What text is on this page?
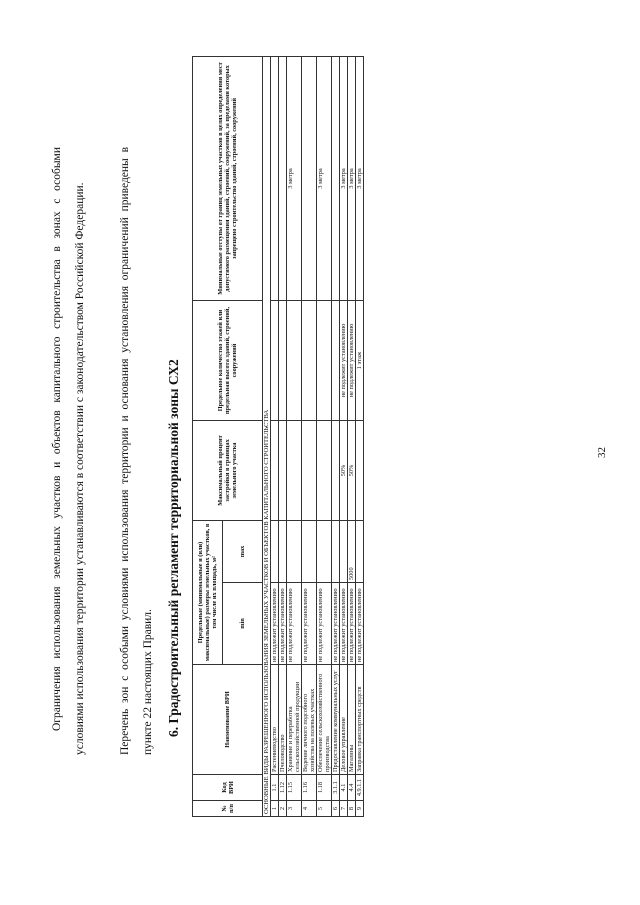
32
Ограничения использования земельных участков и объектов капитального строительства в зонах с особыми условиями использования территории устанавливаются в соответствии с законодательством Российской Федерации.	Перечень зон с особыми условиями использования территории и основания установления ограничений приведены в пункте 22 настоящих Правил. 6. Градостроительный регламент территориальной зоны СХ2
№ п/п	Код ВРИ	Наименование ВРИ	Предельные (минимальные и (или) максимальные) размеры земельных участков, в том числе их площадь, м²		Максимальный процент застройки в границах земельного участка	Предельное количество этажей или предельная высота зданий, строений, сооружений	Минимальные отступы от границ земельных участков в целях определения мест допустимого размещения зданий, строений, сооружений, за пределами которых запрещено строительство зданий, строений, сооружений
			min	max			
ОСНОВНЫЕ ВИДЫ РАЗРЕШЕННОГО ИСПОЛЬЗОВАНИЯ ЗЕМЕЛЬНЫХ УЧАСТКОВ И ОБЪЕКТОВ КАПИТАЛЬНОГО СТРОИТЕЛЬСТВА							
1	1.1	Растениеводство	не подлежит установлению				
2	1.12	Пчеловодство	не подлежит установлению				
3	1.15	Хранение и переработка сельскохозяйственной продукции	не подлежит установлению				3 метра
4	1.16	Ведение личного подсобного хозяйства на полевых участках	не подлежит установлению				
5	1.18	Обеспечение сельскохозяйственного производства	не подлежит установлению				3 метра
6	3.1.1	Предоставление коммунальных услуг	не подлежит установлению				
7	4.1	Деловое управление	не подлежит установлению		50%	не подлежит установлению	3 метра
8	4.4	Магазины	не подлежит установлению	5000	50%	не подлежит установлению	3 метра
9	4.9.1.1	Заправка транспортных средств	не подлежит установлению			1 этаж	3 метра
